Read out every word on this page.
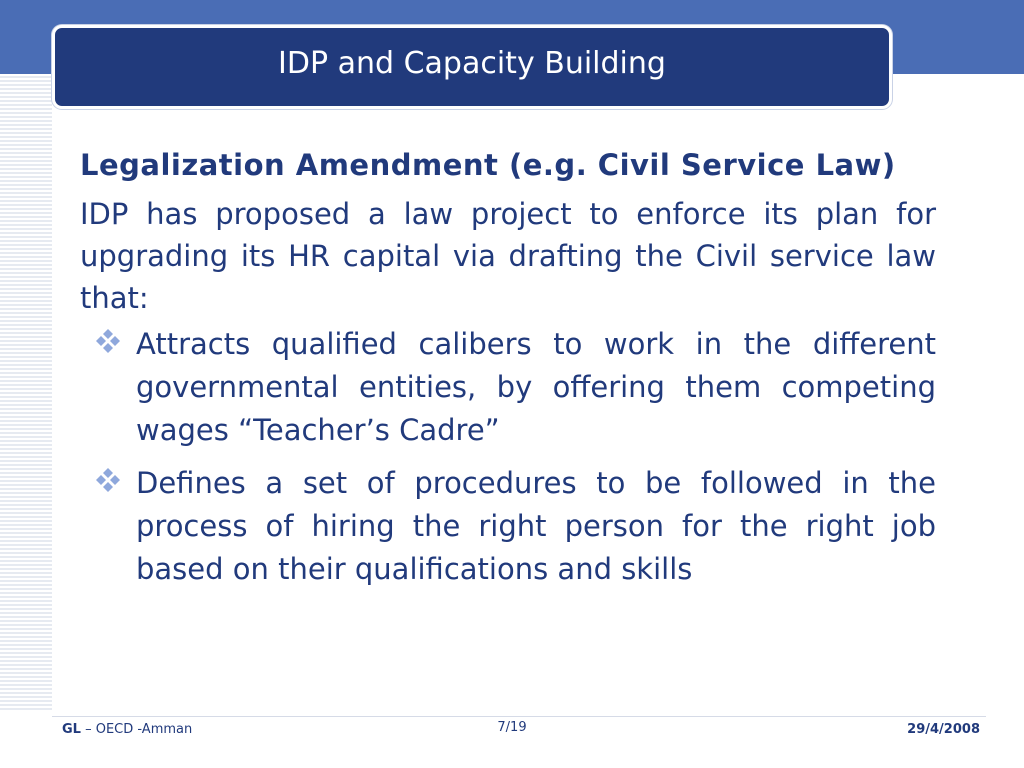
IDP and Capacity Building
Legalization Amendment (e.g. Civil Service Law)
IDP has proposed a law project to enforce its plan for upgrading its HR capital via drafting the Civil service law that:
Attracts qualified calibers to work in the different governmental entities, by offering them competing wages “Teacher’s Cadre”
Defines a set of procedures to be followed in the process of hiring the right person for the right job based on their qualifications and skills
GL – OECD -Amman	7/19	29/4/2008
